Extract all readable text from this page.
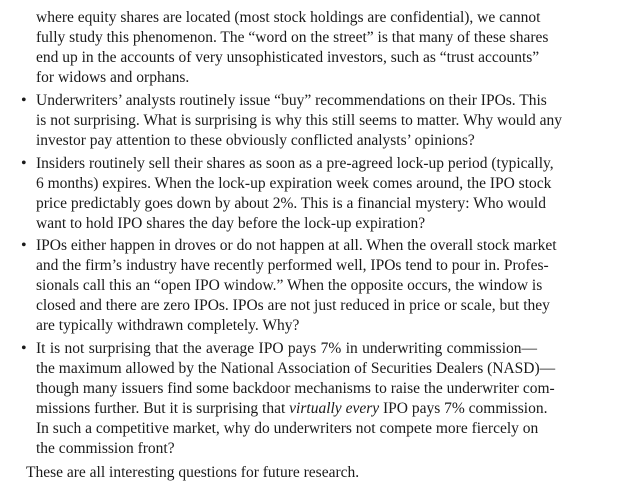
where equity shares are located (most stock holdings are confidential), we cannot
fully study this phenomenon. The “word on the street” is that many of these shares
end up in the accounts of very unsophisticated investors, such as “trust accounts”
for widows and orphans.
• Underwriters’ analysts routinely issue “buy” recommendations on their IPOs. This
is not surprising. What is surprising is why this still seems to matter. Why would any
investor pay attention to these obviously conflicted analysts’ opinions?
• Insiders routinely sell their shares as soon as a pre-agreed lock-up period (typically,
6 months) expires. When the lock-up expiration week comes around, the IPO stock
price predictably goes down by about 2%. This is a financial mystery: Who would
want to hold IPO shares the day before the lock-up expiration?
• IPOs either happen in droves or do not happen at all. When the overall stock market
and the firm’s industry have recently performed well, IPOs tend to pour in. Profes-
sionals call this an “open IPO window.” When the opposite occurs, the window is
closed and there are zero IPOs. IPOs are not just reduced in price or scale, but they
are typically withdrawn completely. Why?
• It is not surprising that the average IPO pays 7% in underwriting commission—
the maximum allowed by the National Association of Securities Dealers (NASD)—
though many issuers find some backdoor mechanisms to raise the underwriter com-
missions further. But it is surprising that virtually every IPO pays 7% commission.
In such a competitive market, why do underwriters not compete more fiercely on
the commission front?
These are all interesting questions for future research.
